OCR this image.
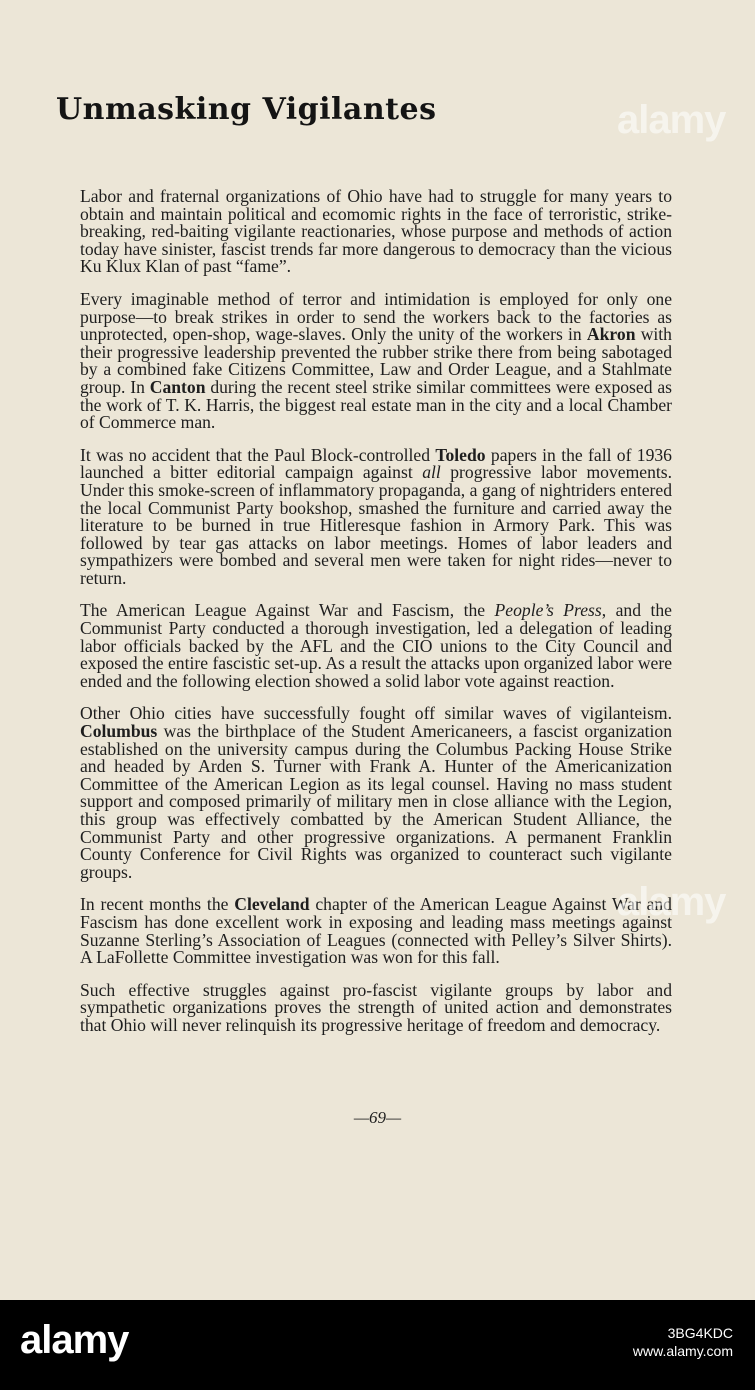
Unmasking Vigilantes

Labor and fraternal organizations of Ohio have had to struggle for many years to obtain and maintain political and ecomomic rights in the face of terroristic, strike-breaking, red-baiting vigilante reactionaries, whose purpose and methods of action today have sinister, fascist trends far more dangerous to democracy than the vicious Ku Klux Klan of past “fame”.

Every imaginable method of terror and intimidation is employed for only one purpose—to break strikes in order to send the workers back to the factories as unprotected, open-shop, wage-slaves. Only the unity of the workers in Akron with their progressive leadership prevented the rubber strike there from being sabotaged by a combined fake Citizens Committee, Law and Order League, and a Stahlmate group. In Canton during the recent steel strike similar committees were exposed as the work of T. K. Harris, the biggest real estate man in the city and a local Chamber of Commerce man.

It was no accident that the Paul Block-controlled Toledo papers in the fall of 1936 launched a bitter editorial campaign against all progressive labor movements. Under this smoke-screen of inflammatory propaganda, a gang of nightriders entered the local Communist Party bookshop, smashed the furniture and carried away the literature to be burned in true Hitleresque fashion in Armory Park. This was followed by tear gas attacks on labor meetings. Homes of labor leaders and sympathizers were bombed and several men were taken for night rides—never to return.

The American League Against War and Fascism, the People’s Press, and the Communist Party conducted a thorough investigation, led a delegation of leading labor officials backed by the AFL and the CIO unions to the City Council and exposed the entire fascistic set-up. As a result the attacks upon organized labor were ended and the following election showed a solid labor vote against reaction.

Other Ohio cities have successfully fought off similar waves of vigilanteism. Columbus was the birthplace of the Student Americaneers, a fascist organization established on the university campus during the Columbus Packing House Strike and headed by Arden S. Turner with Frank A. Hunter of the Americanization Committee of the American Legion as its legal counsel. Having no mass student support and composed primarily of military men in close alliance with the Legion, this group was effectively combatted by the American Student Alliance, the Communist Party and other progressive organizations. A permanent Franklin County Conference for Civil Rights was organized to counteract such vigilante groups.

In recent months the Cleveland chapter of the American League Against War and Fascism has done excellent work in exposing and leading mass meetings against Suzanne Sterling’s Association of Leagues (connected with Pelley’s Silver Shirts). A LaFollette Committee investigation was won for this fall.

Such effective struggles against pro-fascist vigilante groups by labor and sympathetic organizations proves the strength of united action and demonstrates that Ohio will never relinquish its progressive heritage of freedom and democracy.

—69—
alamy
alamy
alamy	3BG4KDC
www.alamy.com
